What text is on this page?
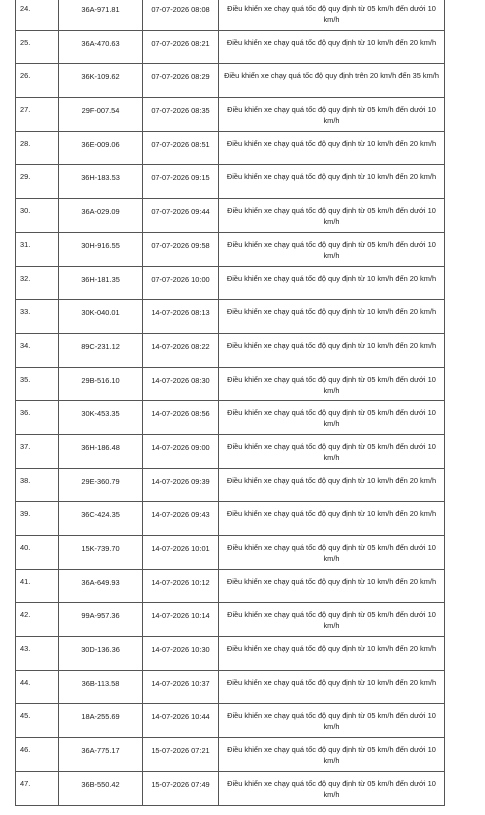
24.	36A-971.81	07-07-2026 08:08	Điều khiển xe chạy quá tốc độ quy định từ 05 km/h đến dưới 10 km/h
25.	36A-470.63	07-07-2026 08:21	Điều khiển xe chạy quá tốc độ quy định từ 10 km/h đến 20 km/h
26.	36K-109.62	07-07-2026 08:29	Điều khiển xe chạy quá tốc độ quy định trên 20 km/h đến 35 km/h
27.	29F-007.54	07-07-2026 08:35	Điều khiển xe chạy quá tốc độ quy định từ 05 km/h đến dưới 10 km/h
28.	36E-009.06	07-07-2026 08:51	Điều khiển xe chạy quá tốc độ quy định từ 10 km/h đến 20 km/h
29.	36H-183.53	07-07-2026 09:15	Điều khiển xe chạy quá tốc độ quy định từ 10 km/h đến 20 km/h
30.	36A-029.09	07-07-2026 09:44	Điều khiển xe chạy quá tốc độ quy định từ 05 km/h đến dưới 10 km/h
31.	30H-916.55	07-07-2026 09:58	Điều khiển xe chạy quá tốc độ quy định từ 05 km/h đến dưới 10 km/h
32.	36H-181.35	07-07-2026 10:00	Điều khiển xe chạy quá tốc độ quy định từ 10 km/h đến 20 km/h
33.	30K-040.01	14-07-2026 08:13	Điều khiển xe chạy quá tốc độ quy định từ 10 km/h đến 20 km/h
34.	89C-231.12	14-07-2026 08:22	Điều khiển xe chạy quá tốc độ quy định từ 10 km/h đến 20 km/h
35.	29B-516.10	14-07-2026 08:30	Điều khiển xe chạy quá tốc độ quy định từ 05 km/h đến dưới 10 km/h
36.	30K-453.35	14-07-2026 08:56	Điều khiển xe chạy quá tốc độ quy định từ 05 km/h đến dưới 10 km/h
37.	36H-186.48	14-07-2026 09:00	Điều khiển xe chạy quá tốc độ quy định từ 05 km/h đến dưới 10 km/h
38.	29E-360.79	14-07-2026 09:39	Điều khiển xe chạy quá tốc độ quy định từ 10 km/h đến 20 km/h
39.	36C-424.35	14-07-2026 09:43	Điều khiển xe chạy quá tốc độ quy định từ 10 km/h đến 20 km/h
40.	15K-739.70	14-07-2026 10:01	Điều khiển xe chạy quá tốc độ quy định từ 05 km/h đến dưới 10 km/h
41.	36A-649.93	14-07-2026 10:12	Điều khiển xe chạy quá tốc độ quy định từ 10 km/h đến 20 km/h
42.	99A-957.36	14-07-2026 10:14	Điều khiển xe chạy quá tốc độ quy định từ 05 km/h đến dưới 10 km/h
43.	30D-136.36	14-07-2026 10:30	Điều khiển xe chạy quá tốc độ quy định từ 10 km/h đến 20 km/h
44.	36B-113.58	14-07-2026 10:37	Điều khiển xe chạy quá tốc độ quy định từ 10 km/h đến 20 km/h
45.	18A-255.69	14-07-2026 10:44	Điều khiển xe chạy quá tốc độ quy định từ 05 km/h đến dưới 10 km/h
46.	36A-775.17	15-07-2026 07:21	Điều khiển xe chạy quá tốc độ quy định từ 05 km/h đến dưới 10 km/h
47.	36B-550.42	15-07-2026 07:49	Điều khiển xe chạy quá tốc độ quy định từ 05 km/h đến dưới 10 km/h
